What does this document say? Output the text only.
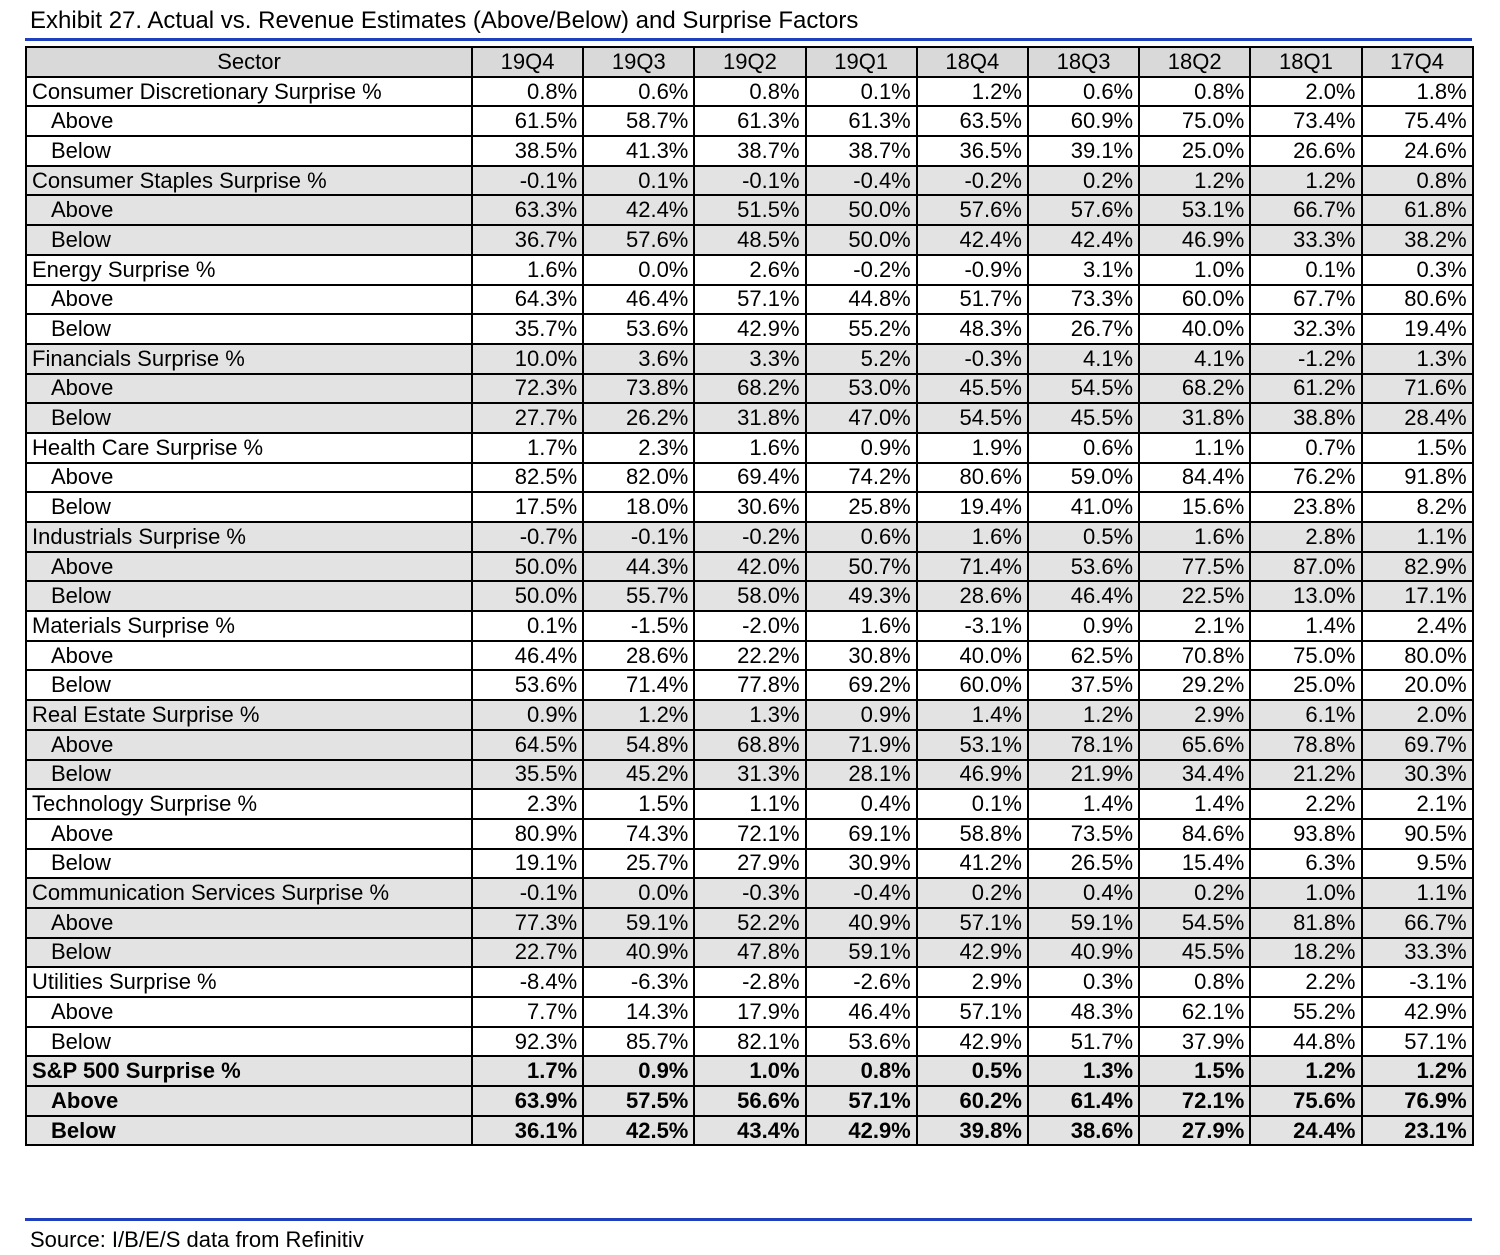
Exhibit 27. Actual vs. Revenue Estimates (Above/Below) and Surprise Factors
Sector	19Q4	19Q3	19Q2	19Q1	18Q4	18Q3	18Q2	18Q1	17Q4
Consumer Discretionary Surprise %	0.8%	0.6%	0.8%	0.1%	1.2%	0.6%	0.8%	2.0%	1.8%
Above	61.5%	58.7%	61.3%	61.3%	63.5%	60.9%	75.0%	73.4%	75.4%
Below	38.5%	41.3%	38.7%	38.7%	36.5%	39.1%	25.0%	26.6%	24.6%
Consumer Staples Surprise %	-0.1%	0.1%	-0.1%	-0.4%	-0.2%	0.2%	1.2%	1.2%	0.8%
Above	63.3%	42.4%	51.5%	50.0%	57.6%	57.6%	53.1%	66.7%	61.8%
Below	36.7%	57.6%	48.5%	50.0%	42.4%	42.4%	46.9%	33.3%	38.2%
Energy Surprise %	1.6%	0.0%	2.6%	-0.2%	-0.9%	3.1%	1.0%	0.1%	0.3%
Above	64.3%	46.4%	57.1%	44.8%	51.7%	73.3%	60.0%	67.7%	80.6%
Below	35.7%	53.6%	42.9%	55.2%	48.3%	26.7%	40.0%	32.3%	19.4%
Financials Surprise %	10.0%	3.6%	3.3%	5.2%	-0.3%	4.1%	4.1%	-1.2%	1.3%
Above	72.3%	73.8%	68.2%	53.0%	45.5%	54.5%	68.2%	61.2%	71.6%
Below	27.7%	26.2%	31.8%	47.0%	54.5%	45.5%	31.8%	38.8%	28.4%
Health Care Surprise %	1.7%	2.3%	1.6%	0.9%	1.9%	0.6%	1.1%	0.7%	1.5%
Above	82.5%	82.0%	69.4%	74.2%	80.6%	59.0%	84.4%	76.2%	91.8%
Below	17.5%	18.0%	30.6%	25.8%	19.4%	41.0%	15.6%	23.8%	8.2%
Industrials Surprise %	-0.7%	-0.1%	-0.2%	0.6%	1.6%	0.5%	1.6%	2.8%	1.1%
Above	50.0%	44.3%	42.0%	50.7%	71.4%	53.6%	77.5%	87.0%	82.9%
Below	50.0%	55.7%	58.0%	49.3%	28.6%	46.4%	22.5%	13.0%	17.1%
Materials Surprise %	0.1%	-1.5%	-2.0%	1.6%	-3.1%	0.9%	2.1%	1.4%	2.4%
Above	46.4%	28.6%	22.2%	30.8%	40.0%	62.5%	70.8%	75.0%	80.0%
Below	53.6%	71.4%	77.8%	69.2%	60.0%	37.5%	29.2%	25.0%	20.0%
Real Estate Surprise %	0.9%	1.2%	1.3%	0.9%	1.4%	1.2%	2.9%	6.1%	2.0%
Above	64.5%	54.8%	68.8%	71.9%	53.1%	78.1%	65.6%	78.8%	69.7%
Below	35.5%	45.2%	31.3%	28.1%	46.9%	21.9%	34.4%	21.2%	30.3%
Technology Surprise %	2.3%	1.5%	1.1%	0.4%	0.1%	1.4%	1.4%	2.2%	2.1%
Above	80.9%	74.3%	72.1%	69.1%	58.8%	73.5%	84.6%	93.8%	90.5%
Below	19.1%	25.7%	27.9%	30.9%	41.2%	26.5%	15.4%	6.3%	9.5%
Communication Services Surprise %	-0.1%	0.0%	-0.3%	-0.4%	0.2%	0.4%	0.2%	1.0%	1.1%
Above	77.3%	59.1%	52.2%	40.9%	57.1%	59.1%	54.5%	81.8%	66.7%
Below	22.7%	40.9%	47.8%	59.1%	42.9%	40.9%	45.5%	18.2%	33.3%
Utilities Surprise %	-8.4%	-6.3%	-2.8%	-2.6%	2.9%	0.3%	0.8%	2.2%	-3.1%
Above	7.7%	14.3%	17.9%	46.4%	57.1%	48.3%	62.1%	55.2%	42.9%
Below	92.3%	85.7%	82.1%	53.6%	42.9%	51.7%	37.9%	44.8%	57.1%
S&P 500 Surprise %	1.7%	0.9%	1.0%	0.8%	0.5%	1.3%	1.5%	1.2%	1.2%
Above	63.9%	57.5%	56.6%	57.1%	60.2%	61.4%	72.1%	75.6%	76.9%
Below	36.1%	42.5%	43.4%	42.9%	39.8%	38.6%	27.9%	24.4%	23.1%
Source: I/B/E/S data from Refinitiv
